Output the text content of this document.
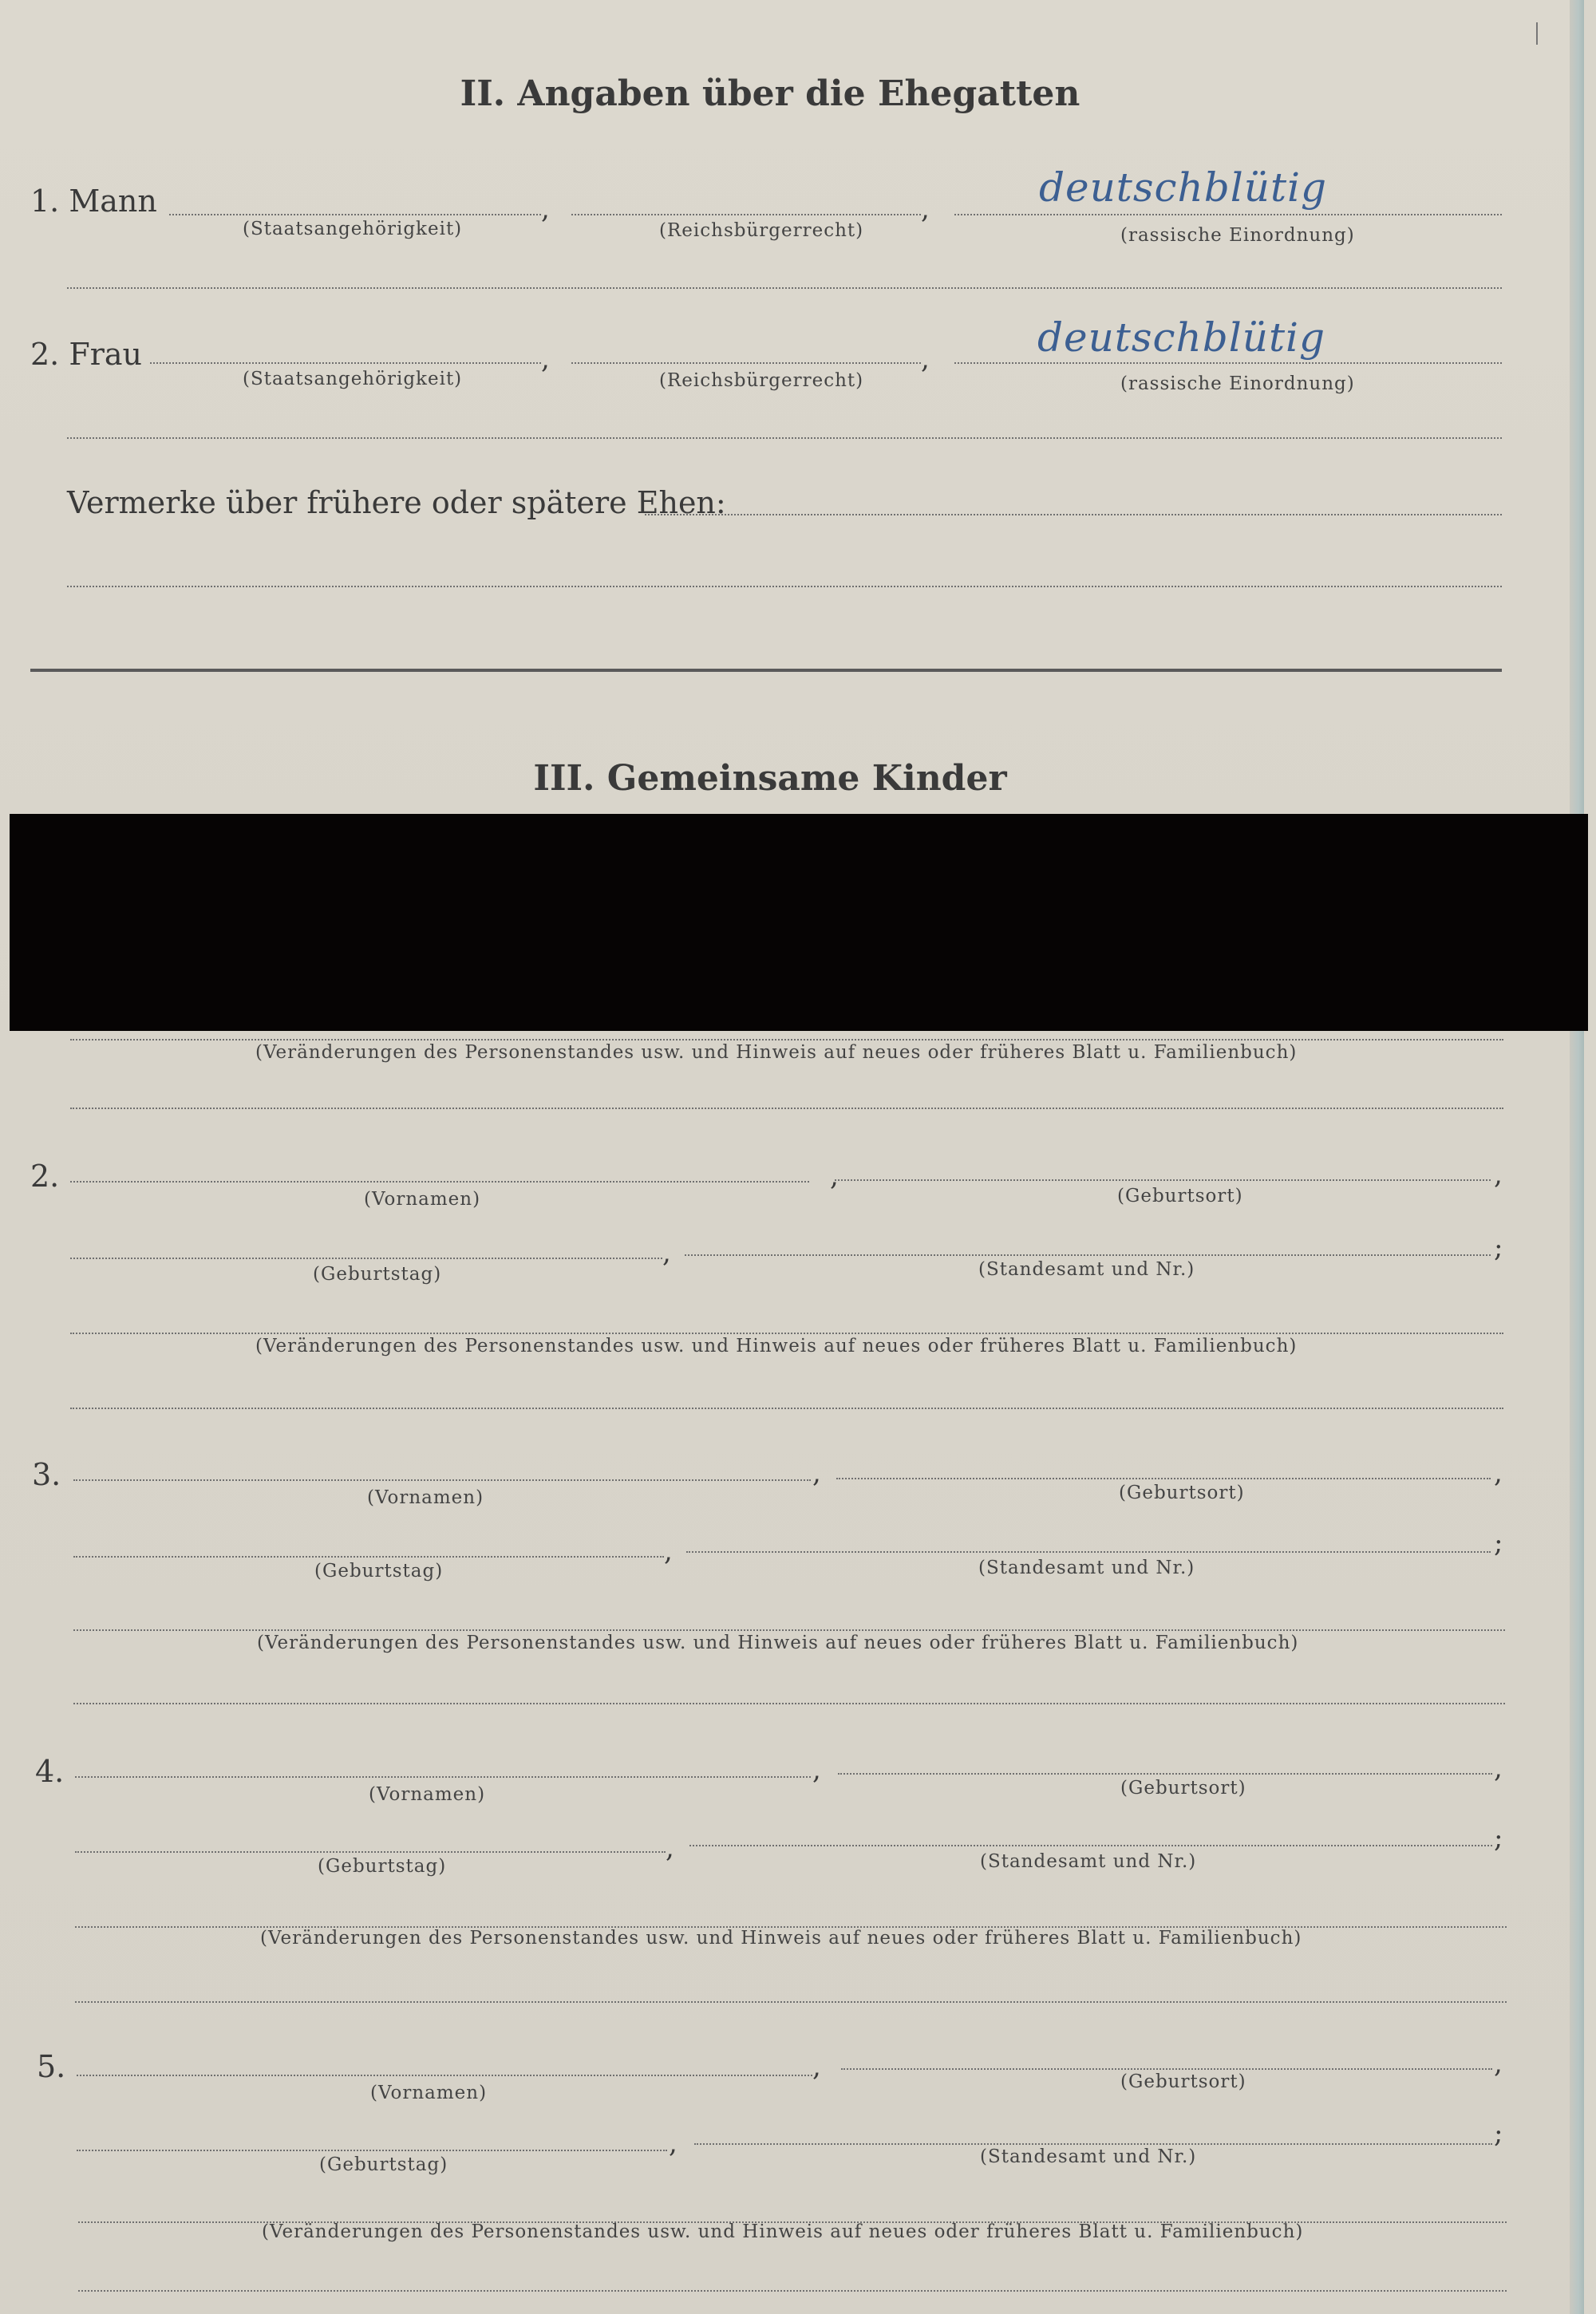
II. Angaben über die Ehegatten
1. Mann	,	,	deutschblütig
(Staatsangehörigkeit)	(Reichsbürgerrecht)	(rassische Einordnung)
2. Frau	,	,	deutschblütig
(Staatsangehörigkeit)	(Reichsbürgerrecht)	(rassische Einordnung)
Vermerke über frühere oder spätere Ehen:
III. Gemeinsame Kinder
(Veränderungen des Personenstandes usw. und Hinweis auf neues oder früheres Blatt u. Familienbuch)
2.	,	,
(Vornamen)	(Geburtsort)
,	;
(Geburtstag)	(Standesamt und Nr.)
(Veränderungen des Personenstandes usw. und Hinweis auf neues oder früheres Blatt u. Familienbuch)
3.	,	,
(Vornamen)	(Geburtsort)
,	;
(Geburtstag)	(Standesamt und Nr.)
(Veränderungen des Personenstandes usw. und Hinweis auf neues oder früheres Blatt u. Familienbuch)
4.	,	,
(Vornamen)	(Geburtsort)
,	;
(Geburtstag)	(Standesamt und Nr.)
(Veränderungen des Personenstandes usw. und Hinweis auf neues oder früheres Blatt u. Familienbuch)
5.	,	,
(Vornamen)
(Geburtsort)
,	;
(Geburtstag)	(Standesamt und Nr.)
(Veränderungen des Personenstandes usw. und Hinweis auf neues oder früheres Blatt u. Familienbuch)
